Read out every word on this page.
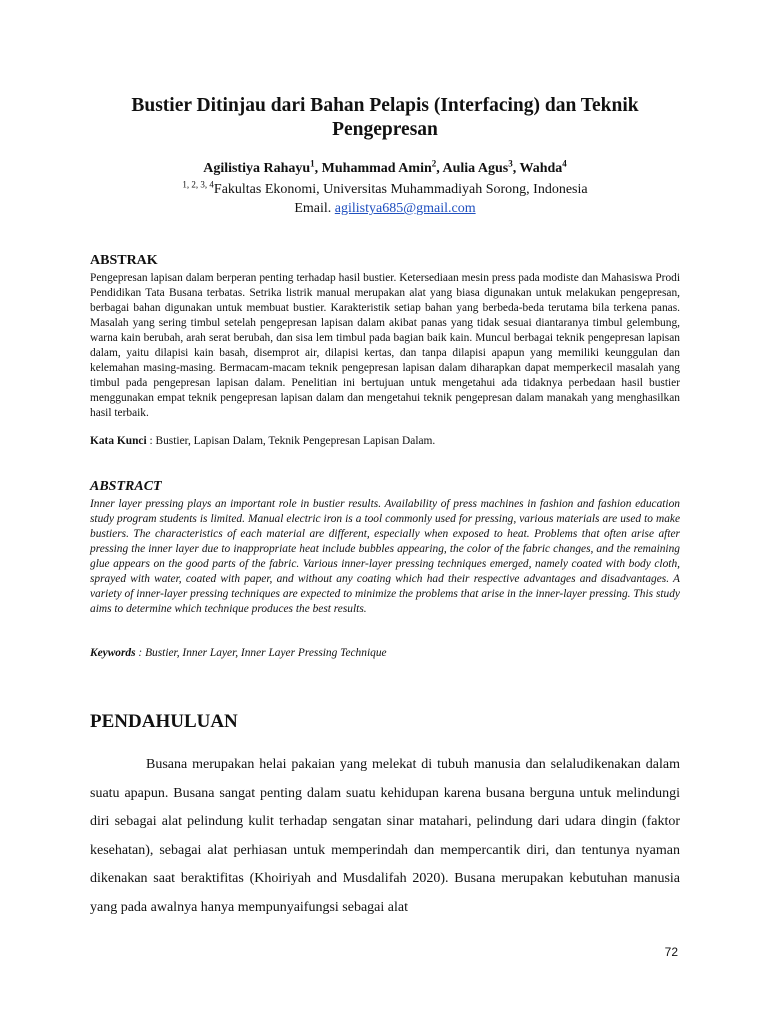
Bustier Ditinjau dari Bahan Pelapis (Interfacing) dan Teknik Pengepresan
Agilistiya Rahayu$^1$, Muhammad Amin$^2$, Aulia Agus$^3$, Wahda$^4$
$^{1, 2, 3, 4}$Fakultas Ekonomi, Universitas Muhammadiyah Sorong, Indonesia
Email. agilistya685@gmail.com
ABSTRAK

Pengepresan lapisan dalam berperan penting terhadap hasil bustier. Ketersediaan mesin press pada modiste dan Mahasiswa Prodi Pendidikan Tata Busana terbatas. Setrika listrik manual merupakan alat yang biasa digunakan untuk melakukan pengepresan, berbagai bahan digunakan untuk membuat bustier. Karakteristik setiap bahan yang berbeda-beda terutama bila terkena panas. Masalah yang sering timbul setelah pengepresan lapisan dalam akibat panas yang tidak sesuai diantaranya timbul gelembung, warna kain berubah, arah serat berubah, dan sisa lem timbul pada bagian baik kain. Muncul berbagai teknik pengepresan lapisan dalam, yaitu dilapisi kain basah, disemprot air, dilapisi kertas, dan tanpa dilapisi apapun yang memiliki keunggulan dan kelemahan masing-masing. Bermacam-macam teknik pengepresan lapisan dalam diharapkan dapat memperkecil masalah yang timbul pada pengepresan lapisan dalam. Penelitian ini bertujuan untuk mengetahui ada tidaknya perbedaan hasil bustier menggunakan empat teknik pengepresan lapisan dalam dan mengetahui teknik pengepresan dalam manakah yang menghasilkan hasil terbaik.

Kata Kunci : Bustier, Lapisan Dalam, Teknik Pengepresan Lapisan Dalam.

ABSTRACT

Inner layer pressing plays an important role in bustier results. Availability of press machines in fashion and fashion education study program students is limited. Manual electric iron is a tool commonly used for pressing, various materials are used to make bustiers. The characteristics of each material are different, especially when exposed to heat. Problems that often arise after pressing the inner layer due to inappropriate heat include bubbles appearing, the color of the fabric changes, and the remaining glue appears on the good parts of the fabric. Various inner-layer pressing techniques emerged, namely coated with body cloth, sprayed with water, coated with paper, and without any coating which had their respective advantages and disadvantages. A variety of inner-layer pressing techniques are expected to minimize the problems that arise in the inner-layer pressing. This study aims to determine which technique produces the best results.

Keywords : Bustier, Inner Layer, Inner Layer Pressing Technique

PENDAHULUAN

Busana merupakan helai pakaian yang melekat di tubuh manusia dan selaludikenakan dalam suatu apapun. Busana sangat penting dalam suatu kehidupan karena busana berguna untuk melindungi diri sebagai alat pelindung kulit terhadap sengatan sinar matahari, pelindung dari udara dingin (faktor kesehatan), sebagai alat perhiasan untuk memperindah dan mempercantik diri, dan tentunya nyaman dikenakan saat beraktifitas (Khoiriyah and Musdalifah 2020). Busana merupakan kebutuhan manusia yang pada awalnya hanya mempunyaifungsi sebagai alat

72
